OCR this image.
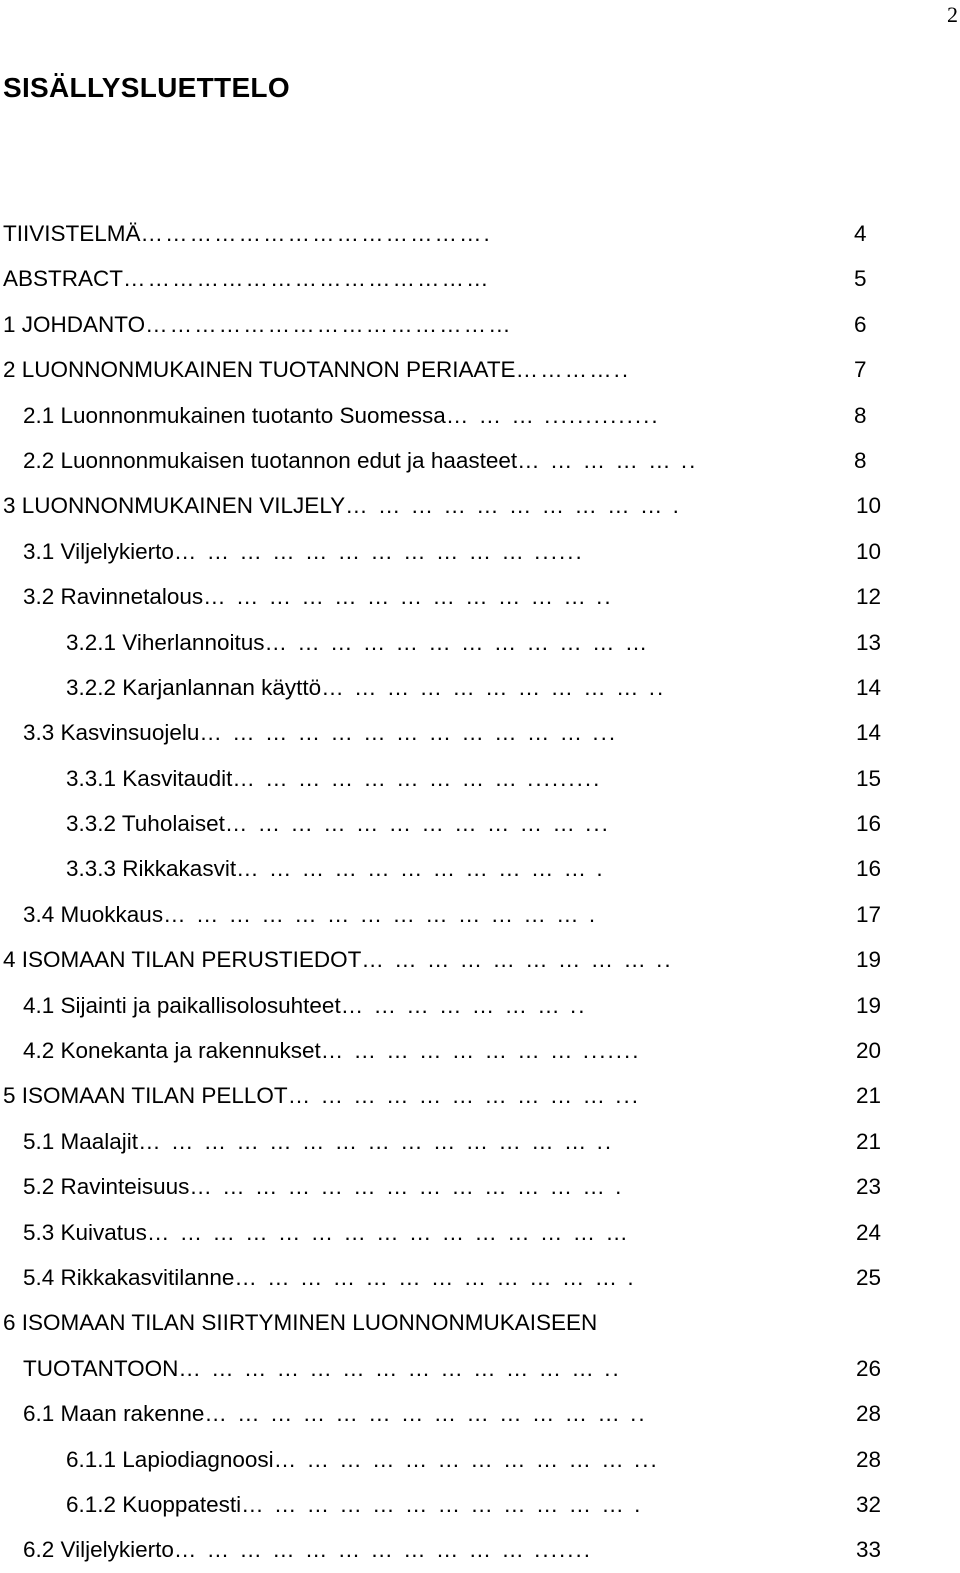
2
SISÄLLYSLUETTELO
TIIVISTELMÄ…………………………………….	4
ABSTRACT………………………………………	5
1 JOHDANTO………………………………………	6
2 LUONNONMUKAINEN TUOTANNON PERIAATE…………..	7
2.1 Luonnonmukainen tuotanto Suomessa… … … ..............	8
2.2 Luonnonmukaisen tuotannon edut ja haasteet… … … … … ..	8
3 LUONNONMUKAINEN VILJELY… … … … … … … … … … .	10
3.1 Viljelykierto… … … … … … … … … … … ......	10
3.2 Ravinnetalous… … … … … … … … … … … … ..	12
3.2.1 Viherlannoitus… … … … … … … … … … … …	13
3.2.2 Karjanlannan käyttö… … … … … … … … … … ..	14
3.3 Kasvinsuojelu… … … … … … … … … … … … ...	14
3.3.1 Kasvitaudit… … … … … … … … … .........	15
3.3.2 Tuholaiset… … … … … … … … … … … ...	16
3.3.3 Rikkakasvit… … … … … … … … … … … .	16
3.4 Muokkaus… … … … … … … … … … … … … .	17
4 ISOMAAN TILAN PERUSTIEDOT… … … … … … … … … ..	19
4.1 Sijainti ja paikallisolosuhteet… … … … … … … ..	19
4.2 Konekanta ja rakennukset… … … … … … … … .......	20
5 ISOMAAN TILAN PELLOT… … … … … … … … … … ...	21
5.1 Maalajit… … … … … … … … … … … … … … ..	21
5.2 Ravinteisuus… … … … … … … … … … … … … .	23
5.3 Kuivatus… … … … … … … … … … … … … … …	24
5.4 Rikkakasvitilanne… … … … … … … … … … … … .	25
6 ISOMAAN TILAN SIIRTYMINEN LUONNONMUKAISEEN
TUOTANTOON… … … … … … … … … … … … … ..	26
6.1 Maan rakenne… … … … … … … … … … … … … ..	28
6.1.1 Lapiodiagnoosi… … … … … … … … … … … ...	28
6.1.2 Kuoppatesti… … … … … … … … … … … … .	32
6.2 Viljelykierto… … … … … … … … … … … .......	33
